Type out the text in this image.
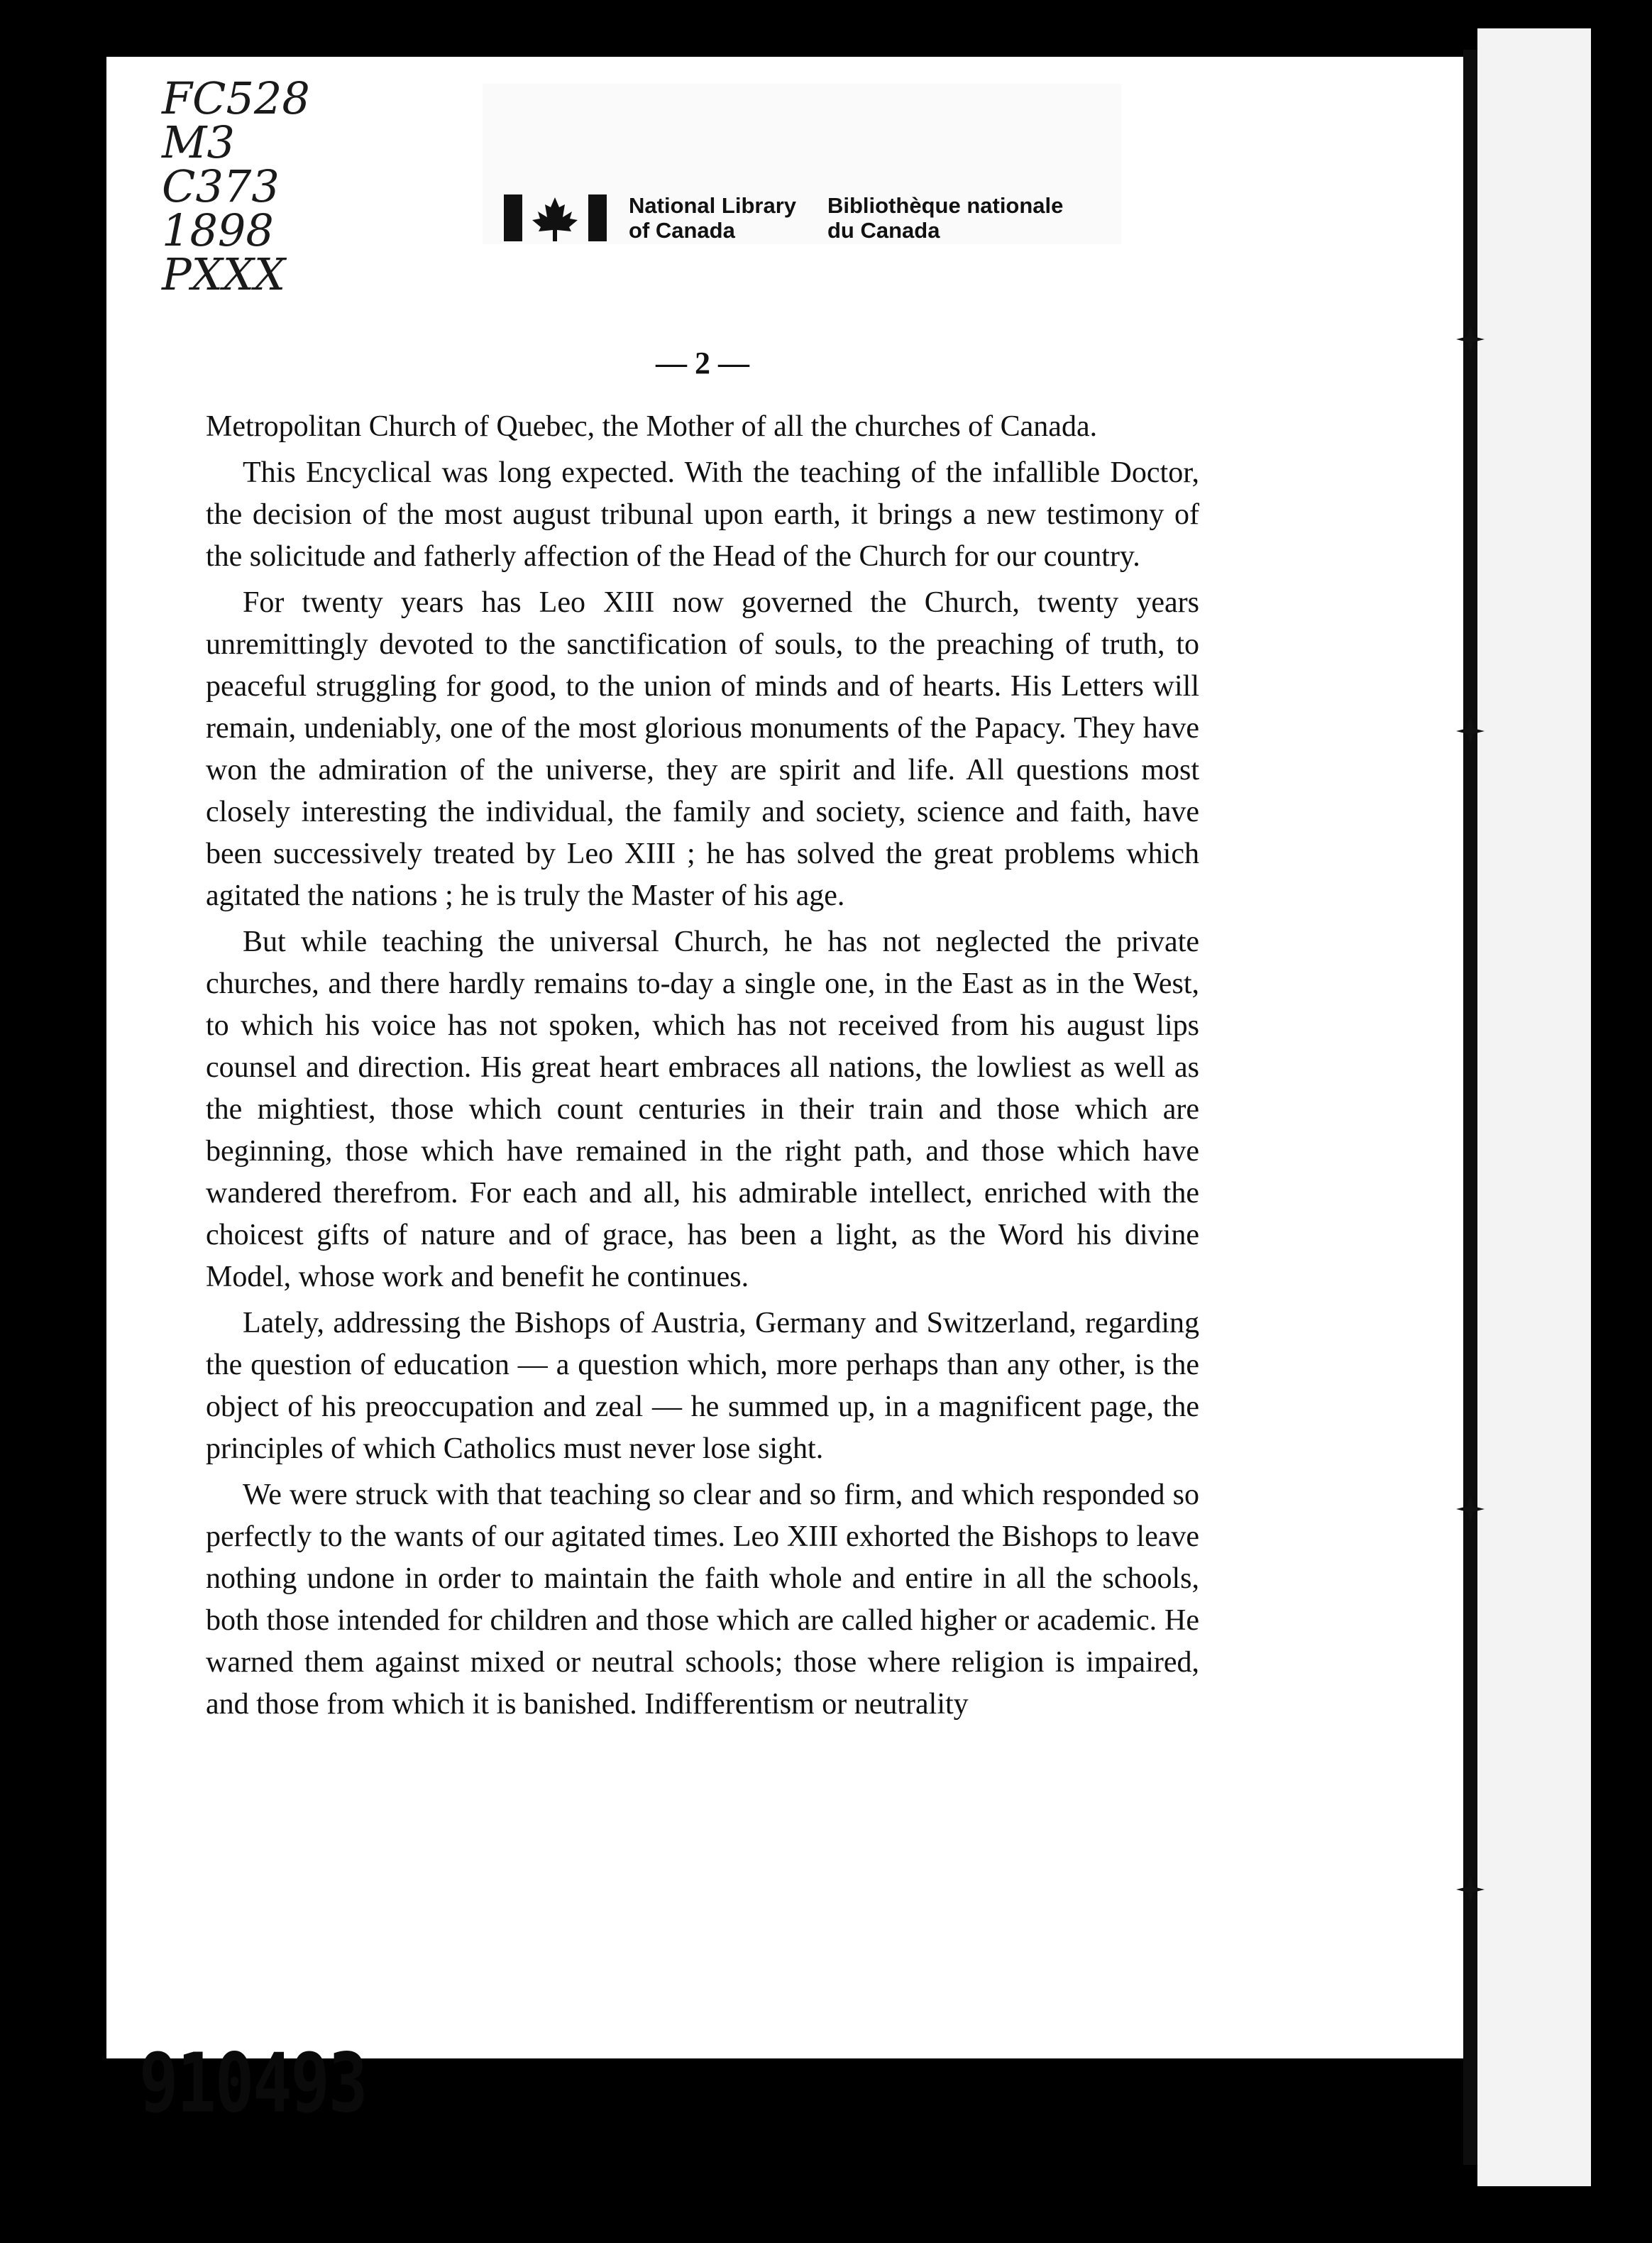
FC528
M3
C373
1898
PXXX
National Library
of Canada
Bibliothèque nationale
du Canada
— 2 —

Metropolitan Church of Quebec, the Mother of all the churches of Canada.

This Encyclical was long expected. With the teaching of the infallible Doctor, the decision of the most august tribunal upon earth, it brings a new testimony of the solicitude and fatherly affection of the Head of the Church for our country.

For twenty years has Leo XIII now governed the Church, twenty years unremittingly devoted to the sanctification of souls, to the preaching of truth, to peaceful struggling for good, to the union of minds and of hearts. His Letters will remain, undeniably, one of the most glorious monuments of the Papacy. They have won the admiration of the universe, they are spirit and life. All questions most closely interesting the individual, the family and society, science and faith, have been successively treated by Leo XIII ; he has solved the great problems which agitated the nations ; he is truly the Master of his age.

But while teaching the universal Church, he has not neglected the private churches, and there hardly remains to-day a single one, in the East as in the West, to which his voice has not spoken, which has not received from his august lips counsel and direction. His great heart embraces all nations, the lowliest as well as the mightiest, those which count centuries in their train and those which are beginning, those which have remained in the right path, and those which have wandered therefrom. For each and all, his admirable intellect, enriched with the choicest gifts of nature and of grace, has been a light, as the Word his divine Model, whose work and benefit he continues.

Lately, addressing the Bishops of Austria, Germany and Switzerland, regarding the question of education — a question which, more perhaps than any other, is the object of his preoccupation and zeal — he summed up, in a magnificent page, the principles of which Catholics must never lose sight.

We were struck with that teaching so clear and so firm, and which responded so perfectly to the wants of our agitated times. Leo XIII exhorted the Bishops to leave nothing undone in order to maintain the faith whole and entire in all the schools, both those intended for children and those which are called higher or academic. He warned them against mixed or neutral schools; those where religion is impaired, and those from which it is banished. Indifferentism or neutrality

910493
